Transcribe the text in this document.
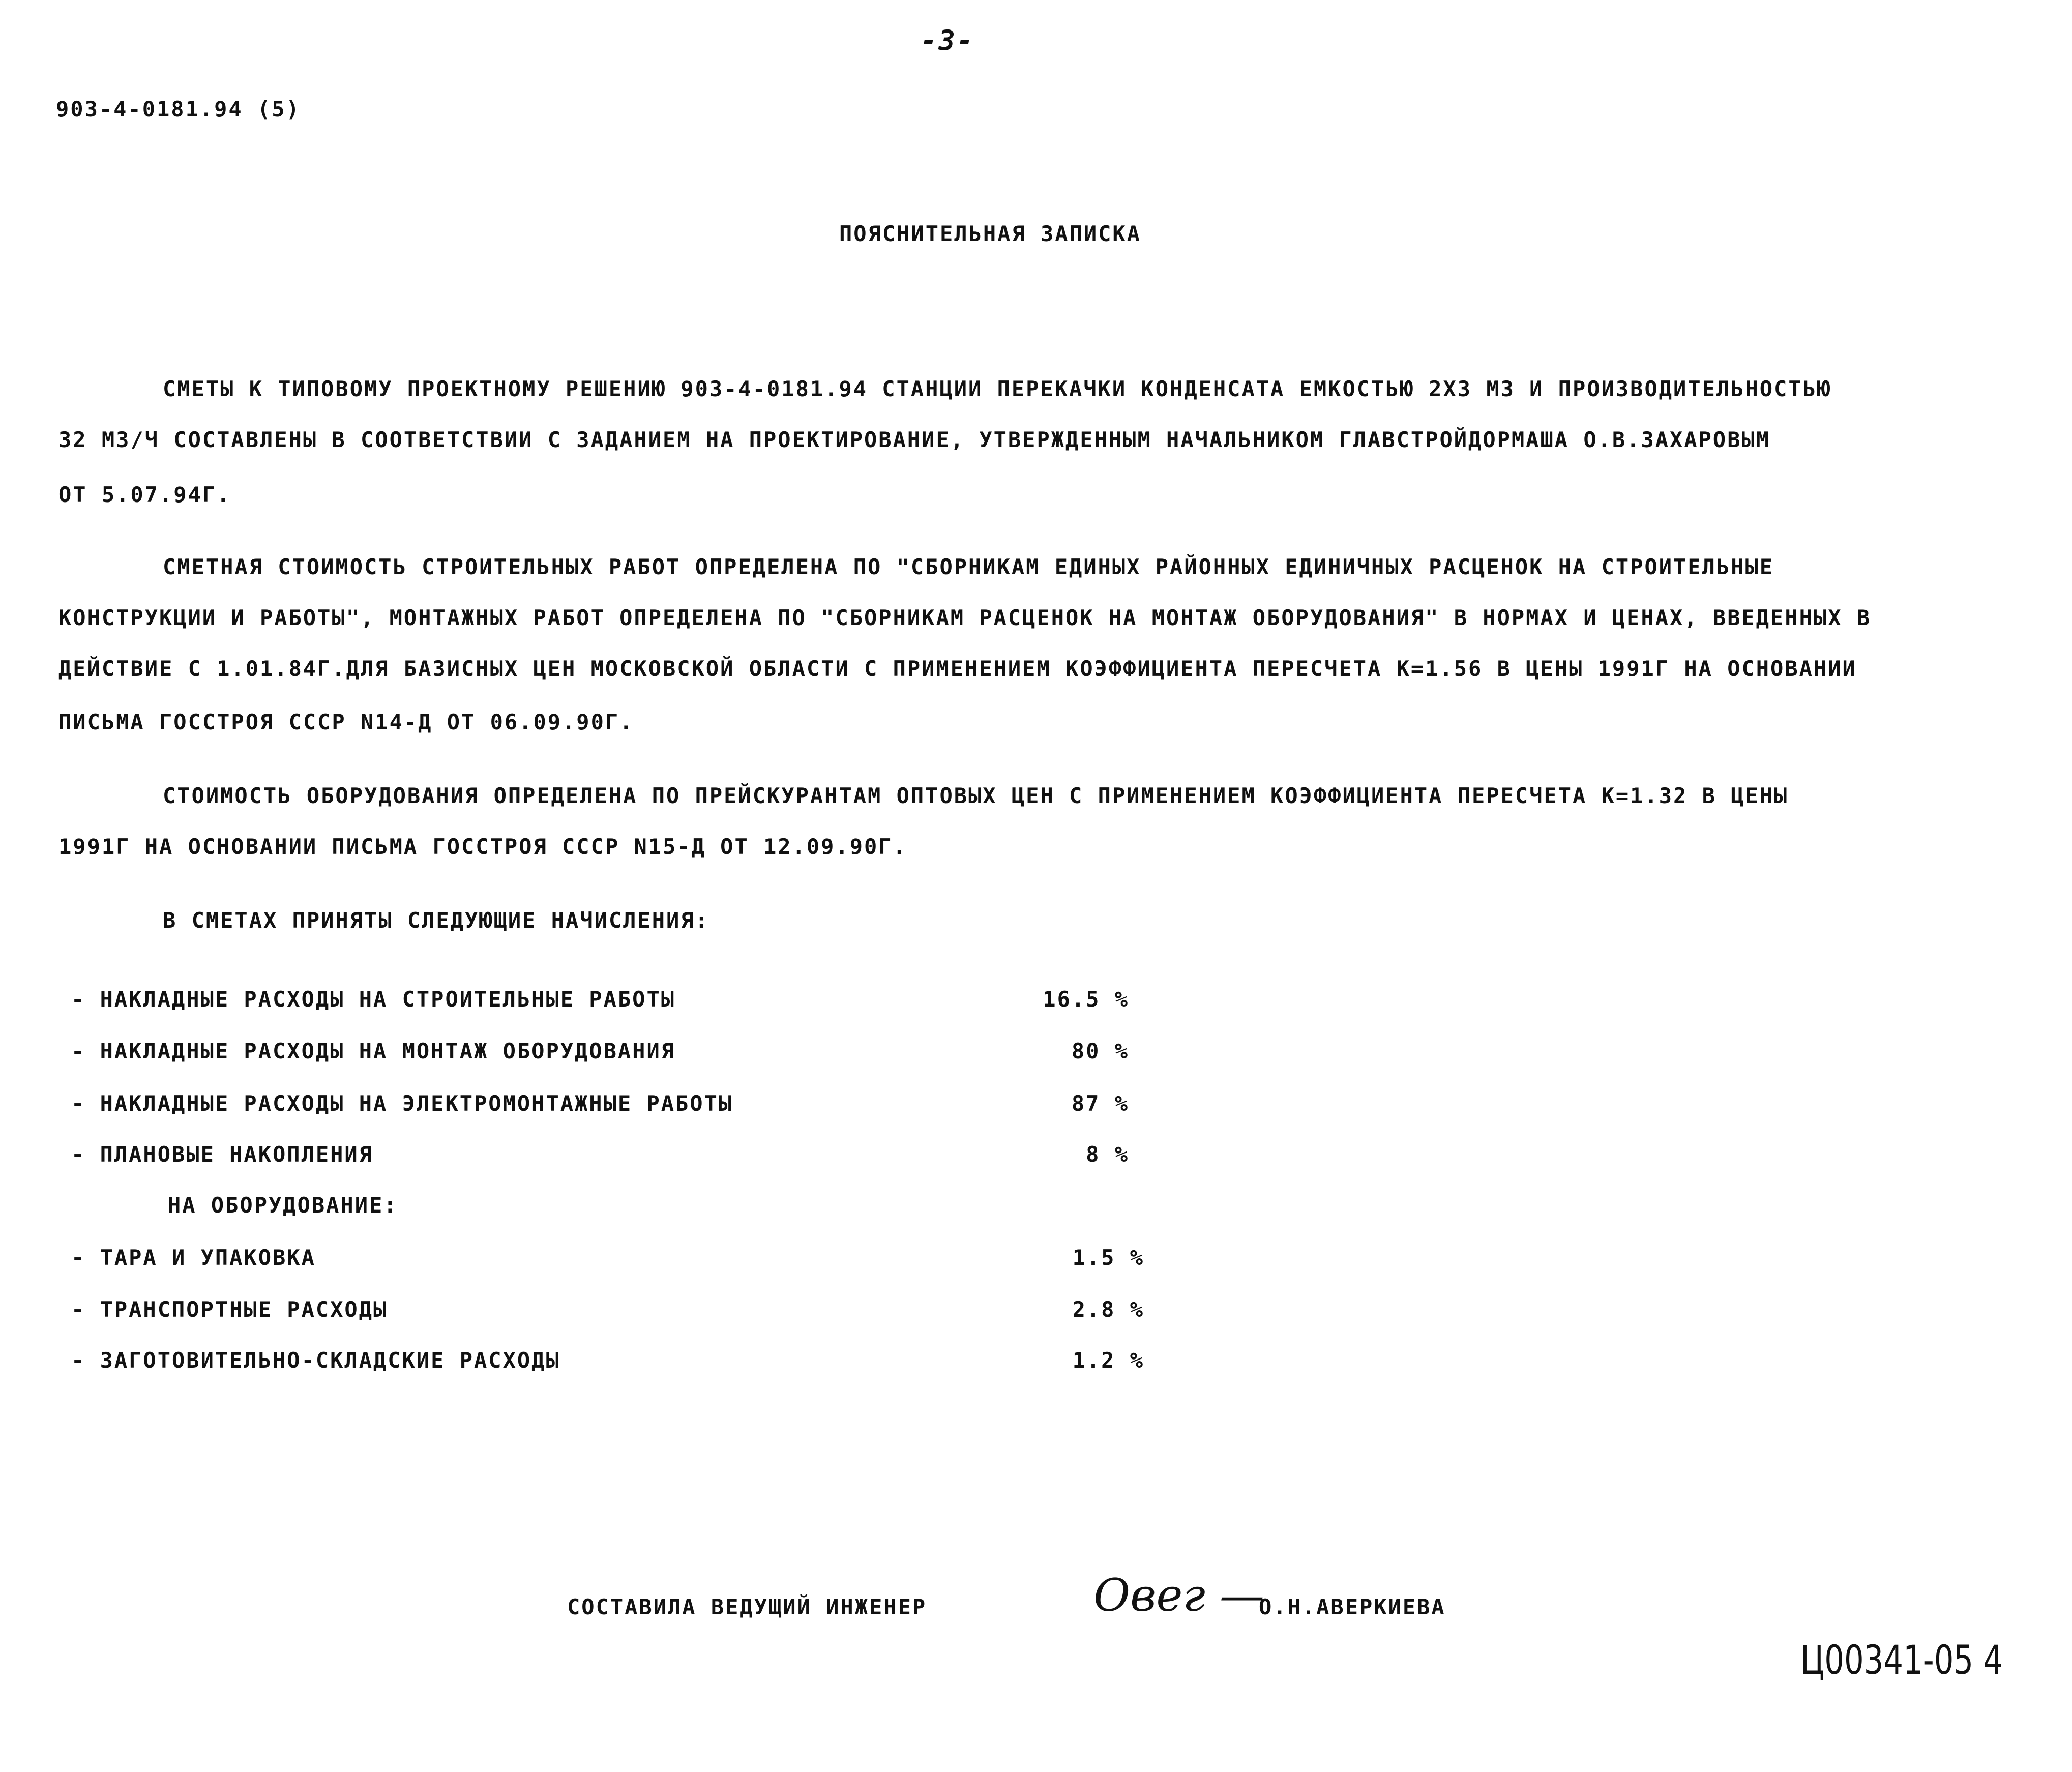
-3-
903-4-0181.94 (5)
ПОЯСНИТЕЛЬНАЯ ЗАПИСКА
СМЕТЫ К ТИПОВОМУ ПРОЕКТНОМУ РЕШЕНИЮ 903-4-0181.94 СТАНЦИИ ПЕРЕКАЧКИ КОНДЕНСАТА ЕМКОСТЬЮ 2Х3 М3 И ПРОИЗВОДИТЕЛЬНОСТЬЮ
32 М3/Ч СОСТАВЛЕНЫ В СООТВЕТСТВИИ С ЗАДАНИЕМ НА ПРОЕКТИРОВАНИЕ, УТВЕРЖДЕННЫМ НАЧАЛЬНИКОМ ГЛАВСТРОЙДОРМАША О.В.ЗАХАРОВЫМ
ОТ 5.07.94Г.
СМЕТНАЯ СТОИМОСТЬ СТРОИТЕЛЬНЫХ РАБОТ ОПРЕДЕЛЕНА ПО "СБОРНИКАМ ЕДИНЫХ РАЙОННЫХ ЕДИНИЧНЫХ РАСЦЕНОК НА СТРОИТЕЛЬНЫЕ
КОНСТРУКЦИИ И РАБОТЫ", МОНТАЖНЫХ РАБОТ ОПРЕДЕЛЕНА ПО "СБОРНИКАМ РАСЦЕНОК НА МОНТАЖ ОБОРУДОВАНИЯ" В НОРМАХ И ЦЕНАХ, ВВЕДЕННЫХ В
ДЕЙСТВИЕ С 1.01.84Г.ДЛЯ БАЗИСНЫХ ЦЕН МОСКОВСКОЙ ОБЛАСТИ С ПРИМЕНЕНИЕМ КОЭФФИЦИЕНТА ПЕРЕСЧЕТА К=1.56 В ЦЕНЫ 1991Г НА ОСНОВАНИИ
ПИСЬМА ГОССТРОЯ СССР N14-Д ОТ 06.09.90Г.
СТОИМОСТЬ ОБОРУДОВАНИЯ ОПРЕДЕЛЕНА ПО ПРЕЙСКУРАНТАМ ОПТОВЫХ ЦЕН С ПРИМЕНЕНИЕМ КОЭФФИЦИЕНТА ПЕРЕСЧЕТА К=1.32 В ЦЕНЫ
1991Г НА ОСНОВАНИИ ПИСЬМА ГОССТРОЯ СССР N15-Д ОТ 12.09.90Г.
В СМЕТАХ ПРИНЯТЫ СЛЕДУЮЩИЕ НАЧИСЛЕНИЯ:
- НАКЛАДНЫЕ РАСХОДЫ НА СТРОИТЕЛЬНЫЕ РАБОТЫ	16.5 %
- НАКЛАДНЫЕ РАСХОДЫ НА МОНТАЖ ОБОРУДОВАНИЯ	80 %
- НАКЛАДНЫЕ РАСХОДЫ НА ЭЛЕКТРОМОНТАЖНЫЕ РАБОТЫ	87 %
- ПЛАНОВЫЕ НАКОПЛЕНИЯ	8 %
НА ОБОРУДОВАНИЕ:
- ТАРА И УПАКОВКА	1.5 %
- ТРАНСПОРТНЫЕ РАСХОДЫ	2.8 %
- ЗАГОТОВИТЕЛЬНО-СКЛАДСКИЕ РАСХОДЫ	1.2 %
СОСТАВИЛА ВЕДУЩИЙ ИНЖЕНЕР	Овег —
О.Н.АВЕРКИЕВА
Ц00341-05 4
